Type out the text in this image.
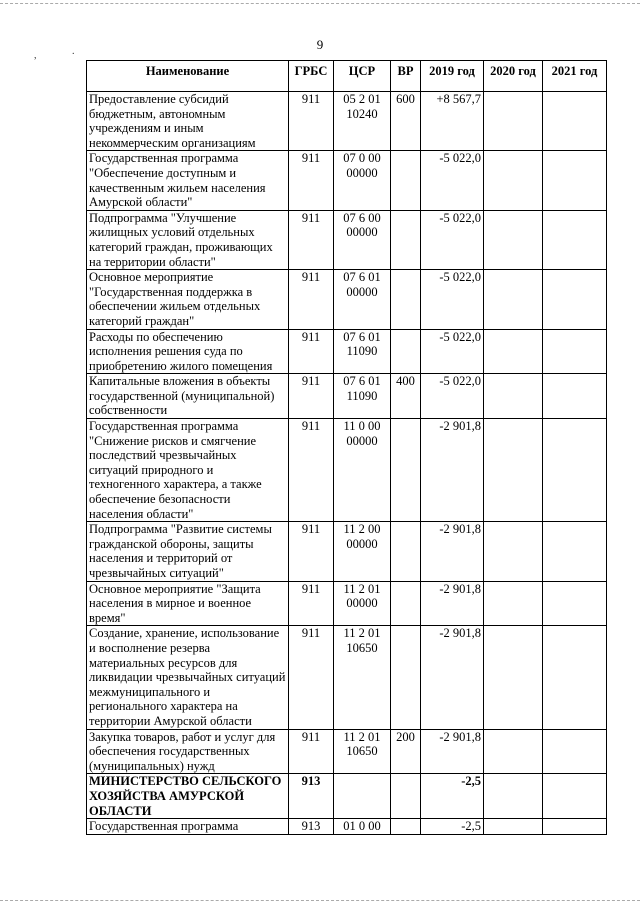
,	.	9
Наименование	ГРБС	ЦСР	ВР	2019 год	2020 год	2021 год
Предоставление субсидий бюджетным, автономным учреждениям и иным некоммерческим организациям	911	05 2 01 10240	600	+8 567,7		
Государственная программа "Обеспечение доступным и качественным жильем населения Амурской области"	911	07 0 00 00000		-5 022,0		
Подпрограмма "Улучшение жилищных условий отдельных категорий граждан, проживающих на территории области"	911	07 6 00 00000		-5 022,0		
Основное мероприятие "Государственная поддержка в обеспечении жильем отдельных категорий граждан"	911	07 6 01 00000		-5 022,0		
Расходы по обеспечению исполнения решения суда по приобретению жилого помещения	911	07 6 01 11090		-5 022,0		
Капитальные вложения в объекты государственной (муниципальной) собственности	911	07 6 01 11090	400	-5 022,0		
Государственная программа "Снижение рисков и смягчение последствий чрезвычайных ситуаций природного и техногенного характера, а также обеспечение безопасности населения области"	911	11 0 00 00000		-2 901,8		
Подпрограмма "Развитие системы гражданской обороны, защиты населения и территорий от чрезвычайных ситуаций"	911	11 2 00 00000		-2 901,8		
Основное мероприятие "Защита населения в мирное и военное время"	911	11 2 01 00000		-2 901,8		
Создание, хранение, использование и восполнение резерва материальных ресурсов для ликвидации чрезвычайных ситуаций межмуниципального и регионального характера на территории Амурской области	911	11 2 01 10650		-2 901,8		
Закупка товаров, работ и услуг для обеспечения государственных (муниципальных) нужд	911	11 2 01 10650	200	-2 901,8		
МИНИСТЕРСТВО СЕЛЬСКОГО ХОЗЯЙСТВА АМУРСКОЙ ОБЛАСТИ	913			-2,5		
Государственная программа	913	01 0 00		-2,5		
